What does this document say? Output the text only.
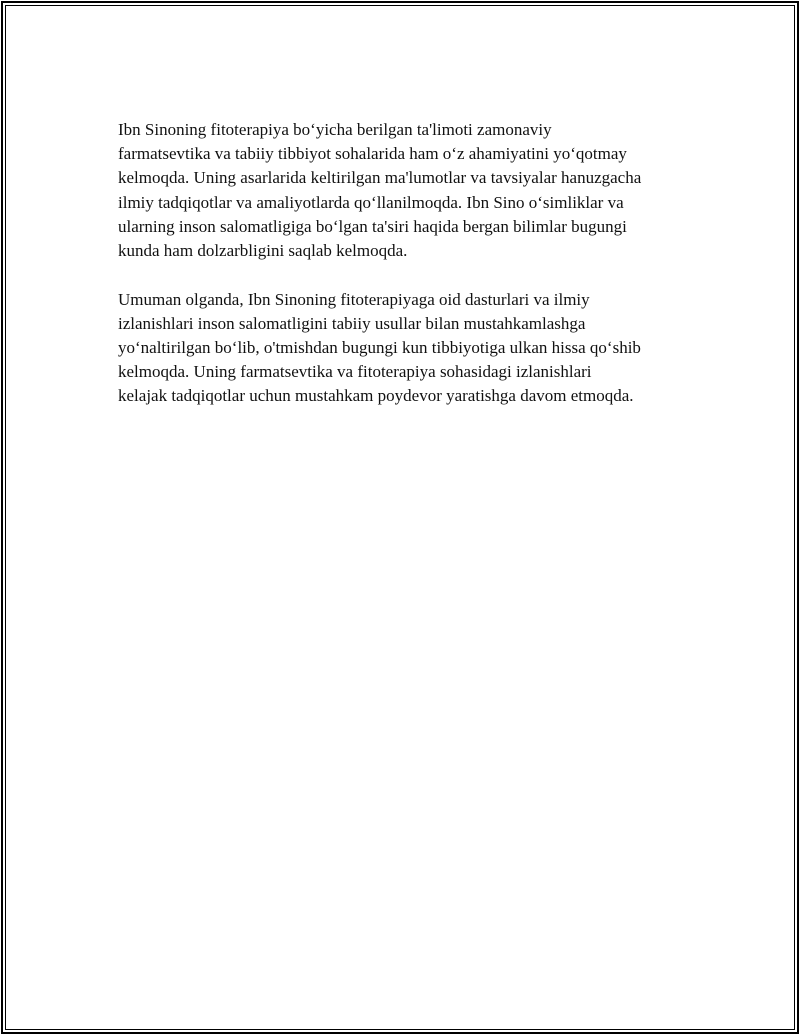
Ibn Sinoning fitoterapiya bo‘yicha berilgan ta'limoti zamonaviy
farmatsevtika va tabiiy tibbiyot sohalarida ham o‘z ahamiyatini yo‘qotmay
kelmoqda. Uning asarlarida keltirilgan ma'lumotlar va tavsiyalar hanuzgacha
ilmiy tadqiqotlar va amaliyotlarda qo‘llanilmoqda. Ibn Sino o‘simliklar va
ularning inson salomatligiga bo‘lgan ta'siri haqida bergan bilimlar bugungi
kunda ham dolzarbligini saqlab kelmoqda.

Umuman olganda, Ibn Sinoning fitoterapiyaga oid dasturlari va ilmiy
izlanishlari inson salomatligini tabiiy usullar bilan mustahkamlashga
yo‘naltirilgan bo‘lib, o'tmishdan bugungi kun tibbiyotiga ulkan hissa qo‘shib
kelmoqda. Uning farmatsevtika va fitoterapiya sohasidagi izlanishlari
kelajak tadqiqotlar uchun mustahkam poydevor yaratishga davom etmoqda.
